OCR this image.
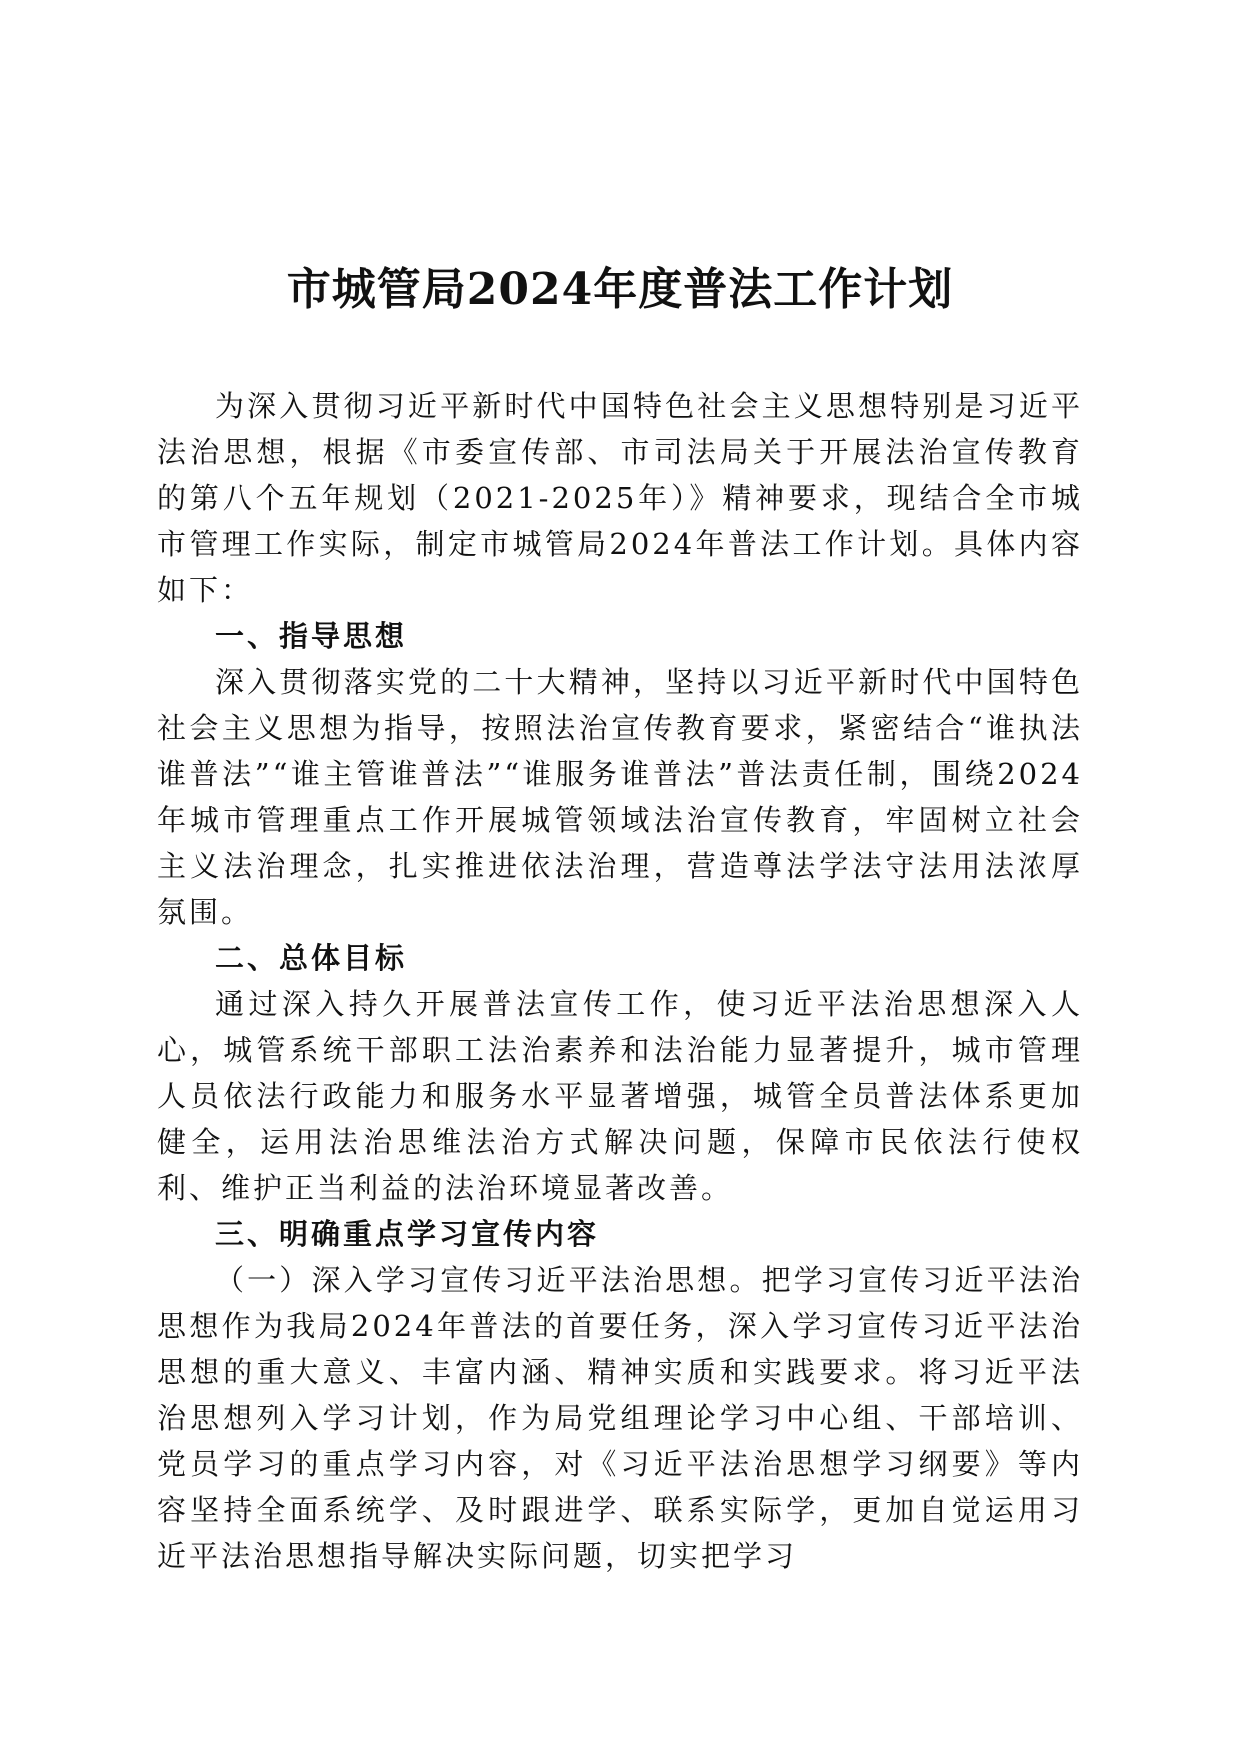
市城管局2024年度普法工作计划

为深入贯彻习近平新时代中国特色社会主义思想特别是习近平法治思想，根据《市委宣传部、市司法局关于开展法治宣传教育的第八个五年规划（2021-2025年）》精神要求，现结合全市城市管理工作实际，制定市城管局2024年普法工作计划。具体内容如下：

一、指导思想

深入贯彻落实党的二十大精神，坚持以习近平新时代中国特色社会主义思想为指导，按照法治宣传教育要求，紧密结合“谁执法谁普法”“谁主管谁普法”“谁服务谁普法”普法责任制，围绕2024年城市管理重点工作开展城管领域法治宣传教育，牢固树立社会主义法治理念，扎实推进依法治理，营造尊法学法守法用法浓厚氛围。

二、总体目标

通过深入持久开展普法宣传工作，使习近平法治思想深入人心，城管系统干部职工法治素养和法治能力显著提升，城市管理人员依法行政能力和服务水平显著增强，城管全员普法体系更加健全，运用法治思维法治方式解决问题，保障市民依法行使权利、维护正当利益的法治环境显著改善。

三、明确重点学习宣传内容

（一）深入学习宣传习近平法治思想。把学习宣传习近平法治思想作为我局2024年普法的首要任务，深入学习宣传习近平法治思想的重大意义、丰富内涵、精神实质和实践要求。将习近平法治思想列入学习计划，作为局党组理论学习中心组、干部培训、党员学习的重点学习内容，对《习近平法治思想学习纲要》等内容坚持全面系统学、及时跟进学、联系实际学，更加自觉运用习近平法治思想指导解决实际问题，切实把学习
